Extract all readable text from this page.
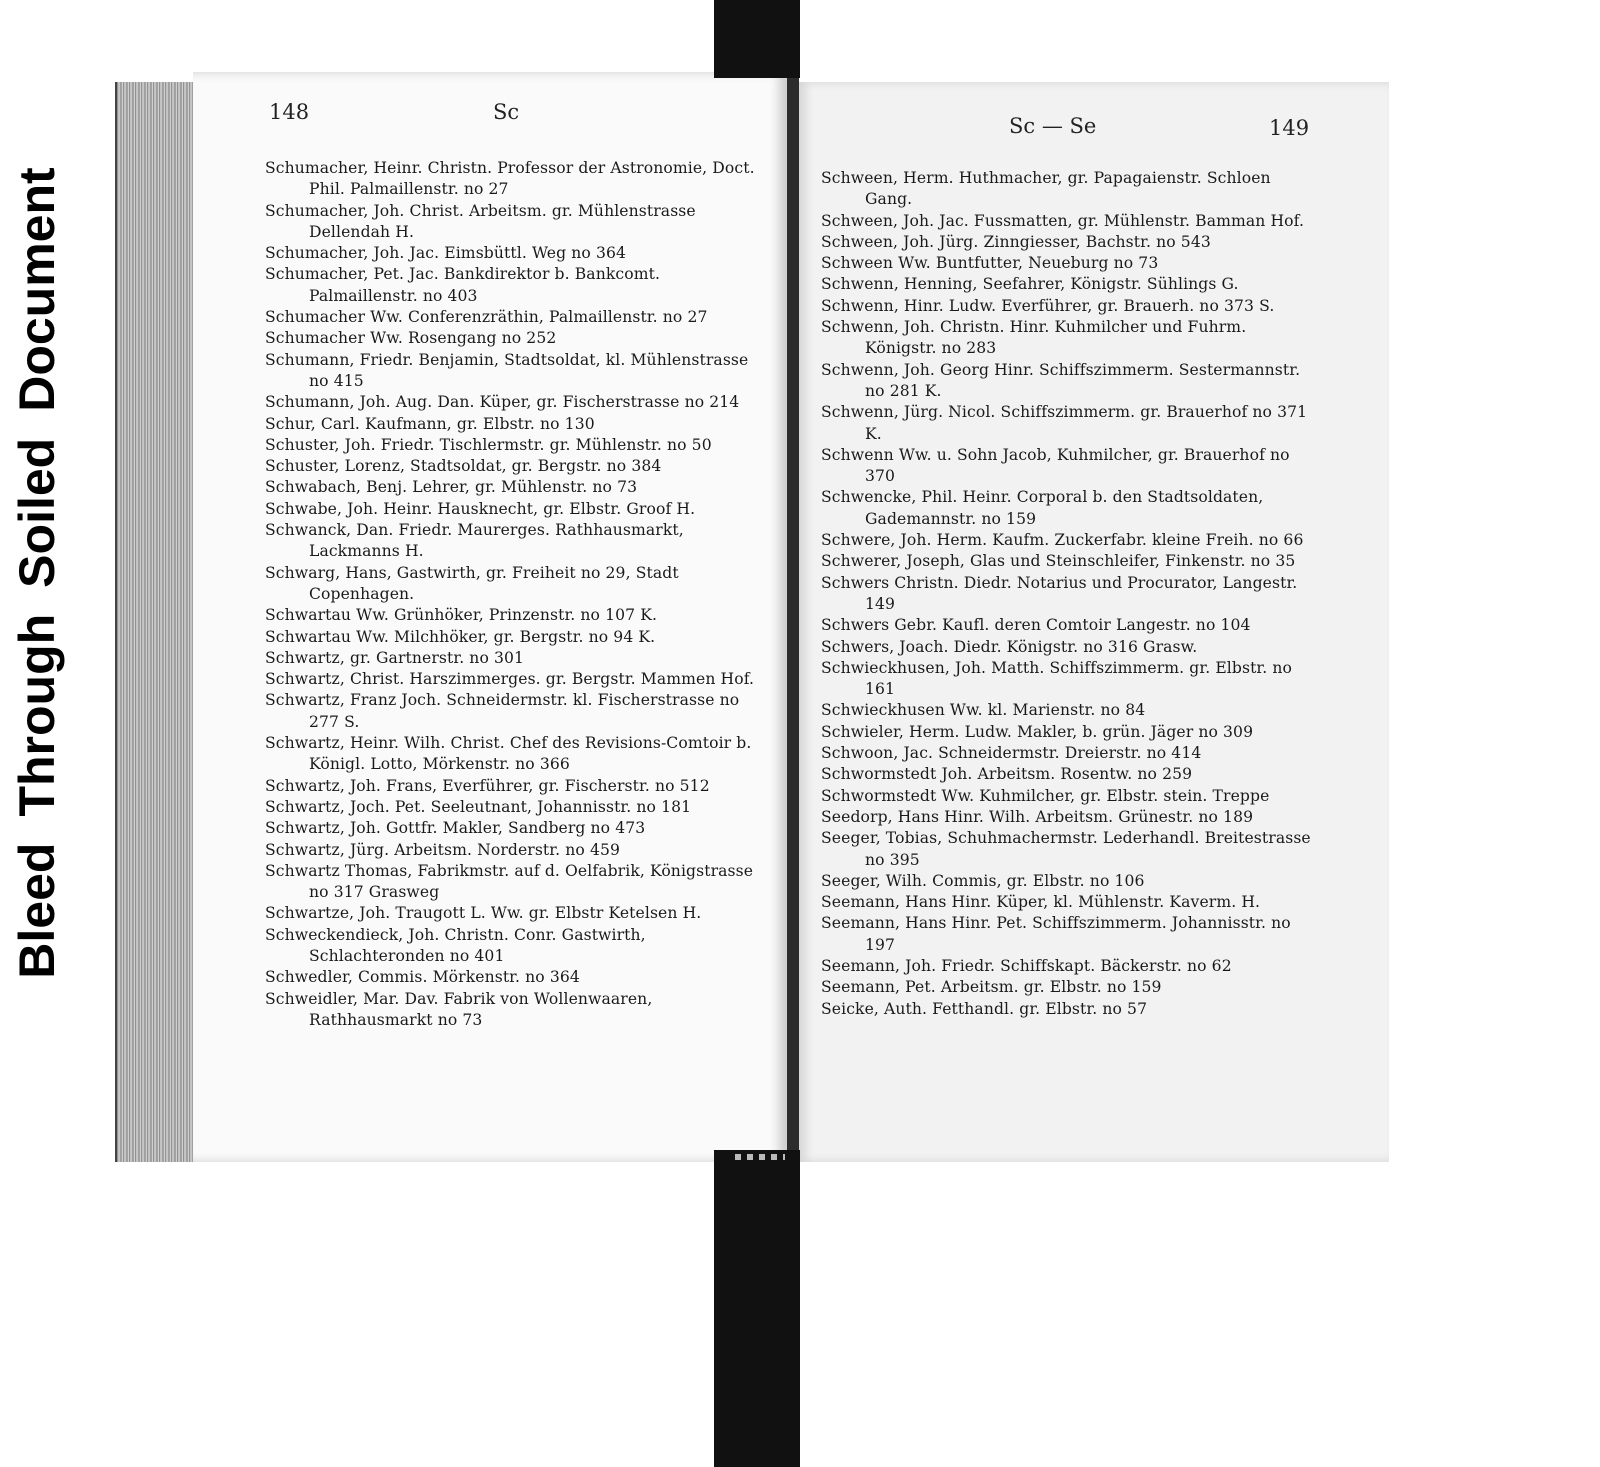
Bleed
Through
Soiled
Document
148	Sc

Schumacher, Heinr. Christn. Professor der Astronomie, Doct. Phil. Palmaillenstr. no 27

Schumacher, Joh. Christ. Arbeitsm. gr. Mühlenstrasse Dellendah H.

Schumacher, Joh. Jac. Eimsbüttl. Weg no 364

Schumacher, Pet. Jac. Bankdirektor b. Bankcomt. Palmaillenstr. no 403

Schumacher Ww. Conferenzräthin, Palmaillenstr. no 27

Schumacher Ww. Rosengang no 252

Schumann, Friedr. Benjamin, Stadtsoldat, kl. Mühlenstrasse no 415

Schumann, Joh. Aug. Dan. Küper, gr. Fischerstrasse no 214

Schur, Carl. Kaufmann, gr. Elbstr. no 130

Schuster, Joh. Friedr. Tischlermstr. gr. Mühlenstr. no 50

Schuster, Lorenz, Stadtsoldat, gr. Bergstr. no 384

Schwabach, Benj. Lehrer, gr. Mühlenstr. no 73

Schwabe, Joh. Heinr. Hausknecht, gr. Elbstr. Groof H.

Schwanck, Dan. Friedr. Maurerges. Rathhausmarkt, Lackmanns H.

Schwarg, Hans, Gastwirth, gr. Freiheit no 29, Stadt Copenhagen.

Schwartau Ww. Grünhöker, Prinzenstr. no 107 K.

Schwartau Ww. Milchhöker, gr. Bergstr. no 94 K.

Schwartz, gr. Gartnerstr. no 301

Schwartz, Christ. Harszimmerges. gr. Bergstr. Mammen Hof.

Schwartz, Franz Joch. Schneidermstr. kl. Fischerstrasse no 277 S.

Schwartz, Heinr. Wilh. Christ. Chef des Revisions-Comtoir b. Königl. Lotto, Mörkenstr. no 366

Schwartz, Joh. Frans, Everführer, gr. Fischerstr. no 512

Schwartz, Joch. Pet. Seeleutnant, Johannisstr. no 181

Schwartz, Joh. Gottfr. Makler, Sandberg no 473

Schwartz, Jürg. Arbeitsm. Norderstr. no 459

Schwartz Thomas, Fabrikmstr. auf d. Oelfabrik, Königstrasse no 317 Grasweg

Schwartze, Joh. Traugott L. Ww. gr. Elbstr Ketelsen H.

Schweckendieck, Joh. Christn. Conr. Gastwirth, Schlachteronden no 401

Schwedler, Commis. Mörkenstr. no 364

Schweidler, Mar. Dav. Fabrik von Wollenwaaren, Rathhausmarkt no 73

Sc — Se	149

Schween, Herm. Huthmacher, gr. Papagaienstr. Schloen Gang.

Schween, Joh. Jac. Fussmatten, gr. Mühlenstr. Bamman Hof.

Schween, Joh. Jürg. Zinngiesser, Bachstr. no 543

Schween Ww. Buntfutter, Neueburg no 73

Schwenn, Henning, Seefahrer, Königstr. Sühlings G.

Schwenn, Hinr. Ludw. Everführer, gr. Brauerh. no 373 S.

Schwenn, Joh. Christn. Hinr. Kuhmilcher und Fuhrm. Königstr. no 283

Schwenn, Joh. Georg Hinr. Schiffszimmerm. Sestermannstr. no 281 K.

Schwenn, Jürg. Nicol. Schiffszimmerm. gr. Brauerhof no 371 K.

Schwenn Ww. u. Sohn Jacob, Kuhmilcher, gr. Brauerhof no 370

Schwencke, Phil. Heinr. Corporal b. den Stadtsoldaten, Gademannstr. no 159

Schwere, Joh. Herm. Kaufm. Zuckerfabr. kleine Freih. no 66

Schwerer, Joseph, Glas und Steinschleifer, Finkenstr. no 35

Schwers Christn. Diedr. Notarius und Procurator, Langestr. 149

Schwers Gebr. Kaufl. deren Comtoir Langestr. no 104

Schwers, Joach. Diedr. Königstr. no 316 Grasw.

Schwieckhusen, Joh. Matth. Schiffszimmerm. gr. Elbstr. no 161

Schwieckhusen Ww. kl. Marienstr. no 84

Schwieler, Herm. Ludw. Makler, b. grün. Jäger no 309

Schwoon, Jac. Schneidermstr. Dreierstr. no 414

Schwormstedt Joh. Arbeitsm. Rosentw. no 259

Schwormstedt Ww. Kuhmilcher, gr. Elbstr. stein. Treppe

Seedorp, Hans Hinr. Wilh. Arbeitsm. Grünestr. no 189

Seeger, Tobias, Schuhmachermstr. Lederhandl. Breitestrasse no 395

Seeger, Wilh. Commis, gr. Elbstr. no 106

Seemann, Hans Hinr. Küper, kl. Mühlenstr. Kaverm. H.

Seemann, Hans Hinr. Pet. Schiffszimmerm. Johannisstr. no 197

Seemann, Joh. Friedr. Schiffskapt. Bäckerstr. no 62

Seemann, Pet. Arbeitsm. gr. Elbstr. no 159

Seicke, Auth. Fetthandl. gr. Elbstr. no 57
